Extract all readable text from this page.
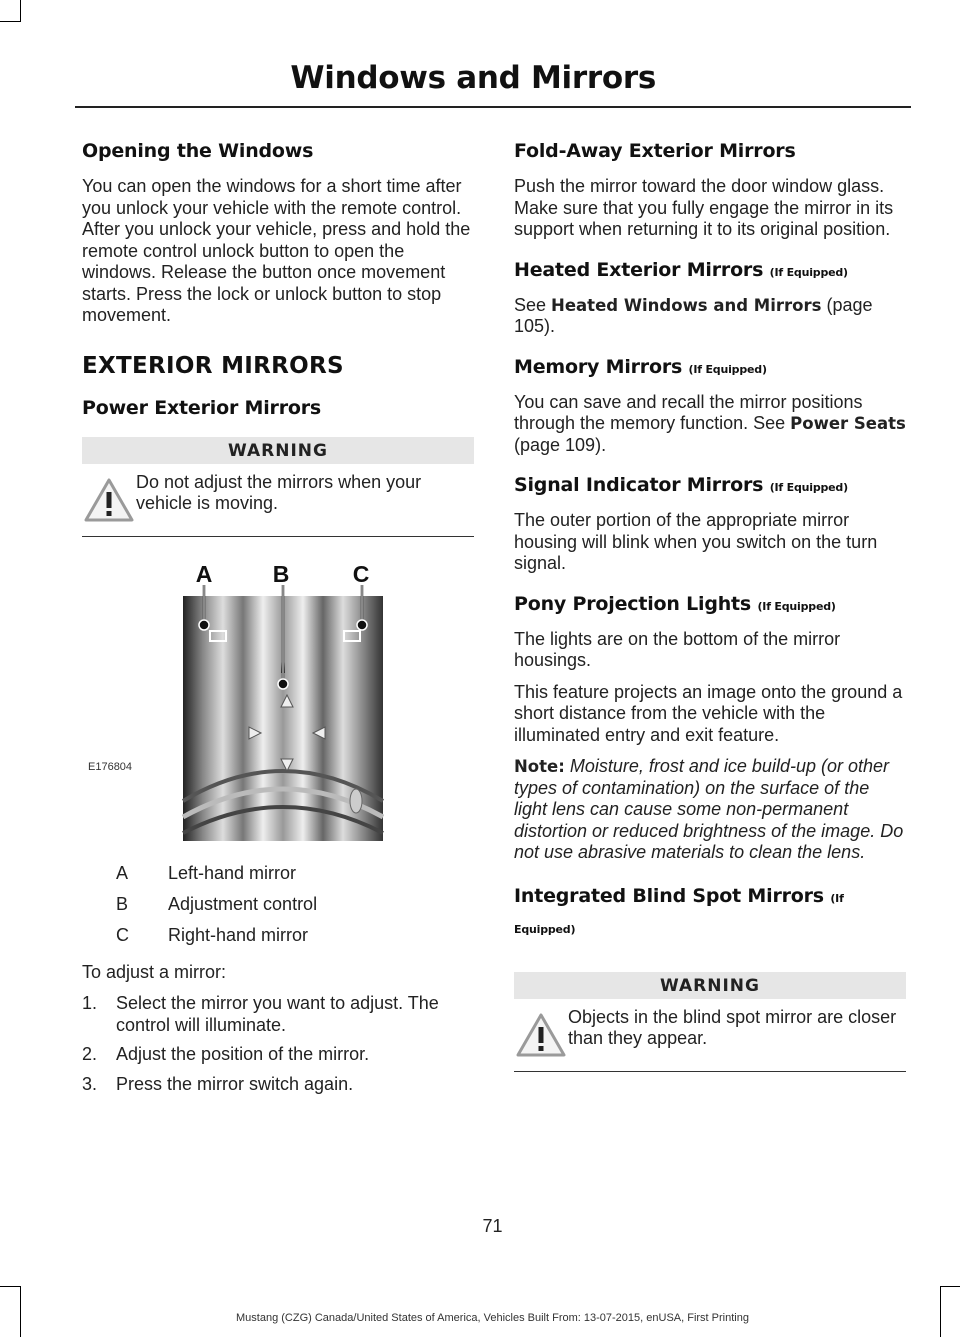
Windows and Mirrors
Opening the Windows

You can open the windows for a short time after you unlock your vehicle with the remote control. After you unlock your vehicle, press and hold the remote control unlock button to open the windows. Release the button once movement starts. Press the lock or unlock button to stop movement.

EXTERIOR MIRRORS
Power Exterior Mirrors
WARNING
Do not adjust the mirrors when your vehicle is moving.
A	B	C
E176804
A	Left-hand mirror
B	Adjustment control
C	Right-hand mirror

To adjust a mirror:

1.	Select the mirror you want to adjust. The control will illuminate.
2.	Adjust the position of the mirror.
3.	Press the mirror switch again.
Fold-Away Exterior Mirrors

Push the mirror toward the door window glass. Make sure that you fully engage the mirror in its support when returning it to its original position.

Heated Exterior Mirrors (If Equipped)

See Heated Windows and Mirrors (page 105).

Memory Mirrors (If Equipped)

You can save and recall the mirror positions through the memory function. See Power Seats (page 109).

Signal Indicator Mirrors (If Equipped)

The outer portion of the appropriate mirror housing will blink when you switch on the turn signal.

Pony Projection Lights (If Equipped)

The lights are on the bottom of the mirror housings.

This feature projects an image onto the ground a short distance from the vehicle with the illuminated entry and exit feature.

Note: Moisture, frost and ice build-up (or other types of contamination) on the surface of the light lens can cause some non-permanent distortion or reduced brightness of the image. Do not use abrasive materials to clean the lens.

Integrated Blind Spot Mirrors (If
Equipped)
WARNING
Objects in the blind spot mirror are closer than they appear.
71
Mustang (CZG) Canada/United States of America, Vehicles Built From: 13-07-2015, enUSA, First Printing
